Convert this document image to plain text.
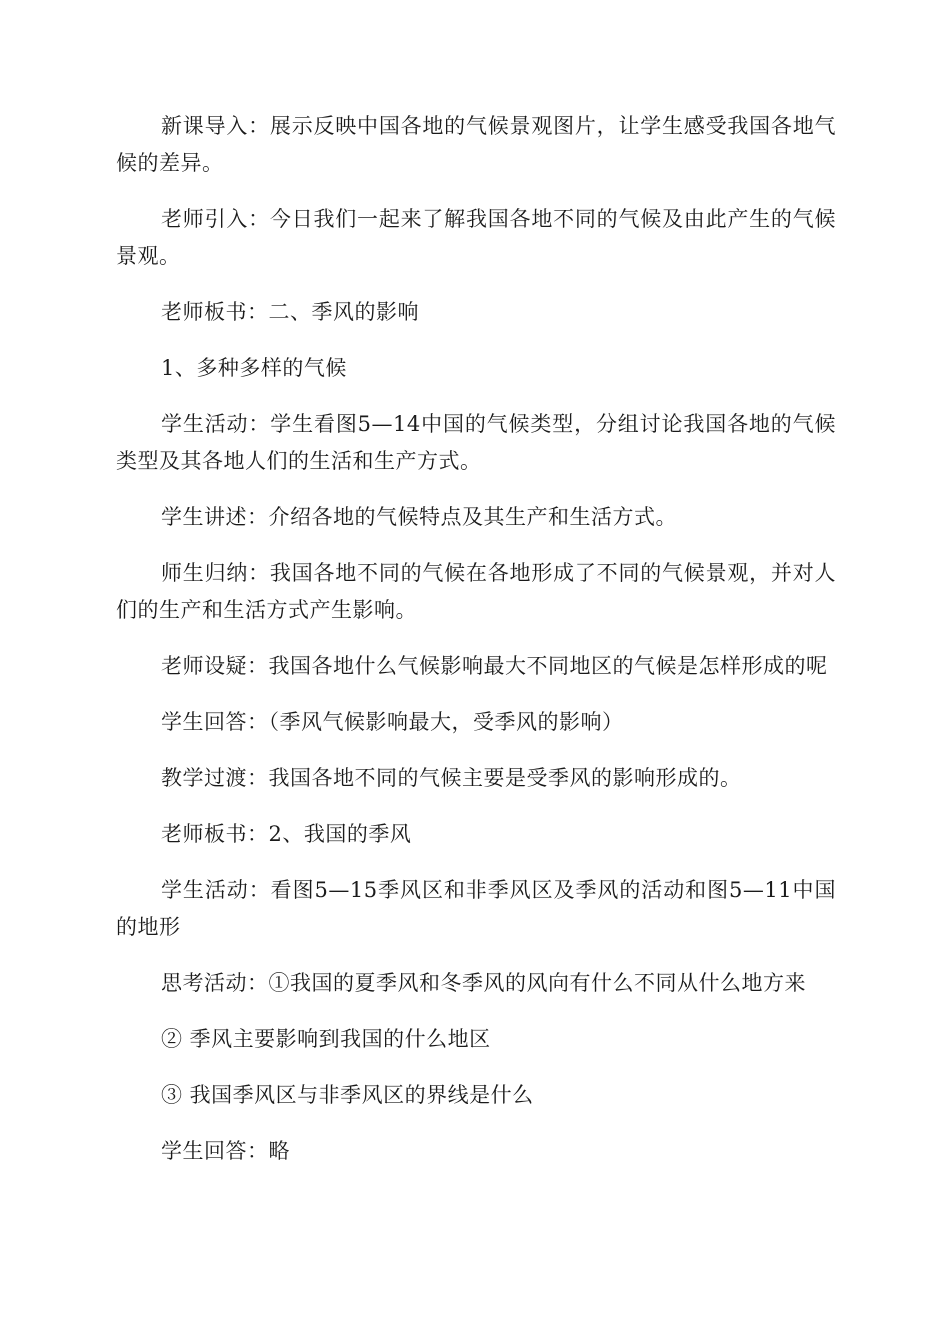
新课导入：展示反映中国各地的气候景观图片，让学生感受我国各地气候的差异。

老师引入：今日我们一起来了解我国各地不同的气候及由此产生的气候景观。

老师板书：二、季风的影响

1、多种多样的气候

学生活动：学生看图5—14中国的气候类型，分组讨论我国各地的气候类型及其各地人们的生活和生产方式。

学生讲述：介绍各地的气候特点及其生产和生活方式。

师生归纳：我国各地不同的气候在各地形成了不同的气候景观，并对人们的生产和生活方式产生影响。

老师设疑：我国各地什么气候影响最大不同地区的气候是怎样形成的呢

学生回答：（季风气候影响最大，受季风的影响）

教学过渡：我国各地不同的气候主要是受季风的影响形成的。

老师板书：2、我国的季风

学生活动：看图5—15季风区和非季风区及季风的活动和图5—11中国的地形

思考活动：①我国的夏季风和冬季风的风向有什么不同从什么地方来

② 季风主要影响到我国的什么地区

③ 我国季风区与非季风区的界线是什么

学生回答：略
